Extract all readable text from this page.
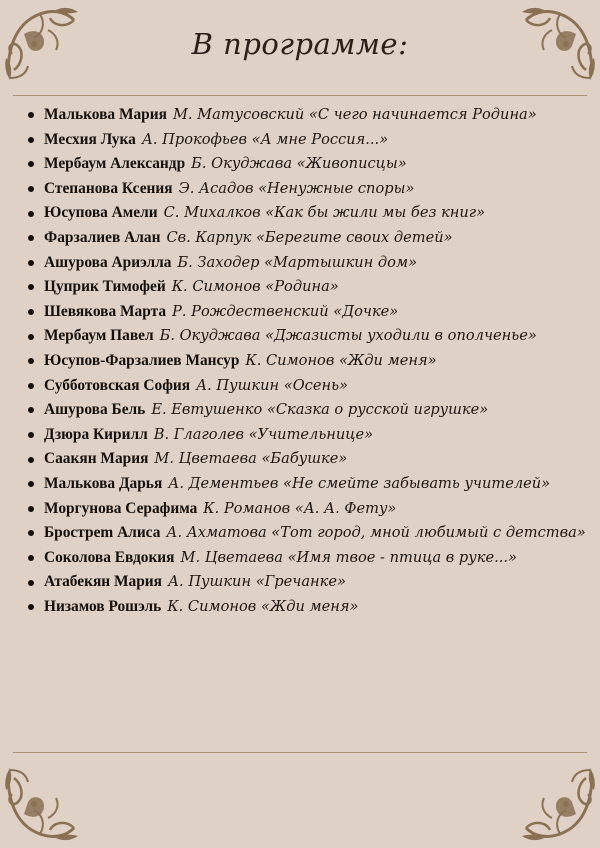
В программе:
Малькова Мария М. Матусовский «С чего начинается Родина»
Месхия Лука А. Прокофьев «А мне Россия...»
Мербаум Александр Б. Окуджава «Живописцы»
Степанова Ксения Э. Асадов «Ненужные споры»
Юсупова Амели С. Михалков «Как бы жили мы без книг»
Фарзалиев Алан Св. Карпук «Берегите своих детей»
Ашурова Ариэлла Б. Заходер «Мартышкин дом»
Цуприк Тимофей К. Симонов «Родина»
Шевякова Марта Р. Рождественский «Дочке»
Мербаум Павел Б. Окуджава «Джазисты уходили в ополченье»
Юсупов-Фарзалиев Мансур К. Симонов «Жди меня»
Субботовская София А. Пушкин «Осень»
Ашурова Бель Е. Евтушенко «Сказка о русской игрушке»
Дзюра Кирилл В. Глаголев «Учительнице»
Саакян Мария М. Цветаева «Бабушке»
Малькова Дарья А. Дементьев «Не смейте забывать учителей»
Моргунова Серафима К. Романов «А. А. Фету»
Бростреm Алиса А. Ахматова «Тот город, мной любимый с детства»
Соколова Евдокия М. Цветаева «Имя твое - птица в руке...»
Атабекян Мария А. Пушкин «Гречанке»
Низамов Рошэль К. Симонов «Жди меня»
